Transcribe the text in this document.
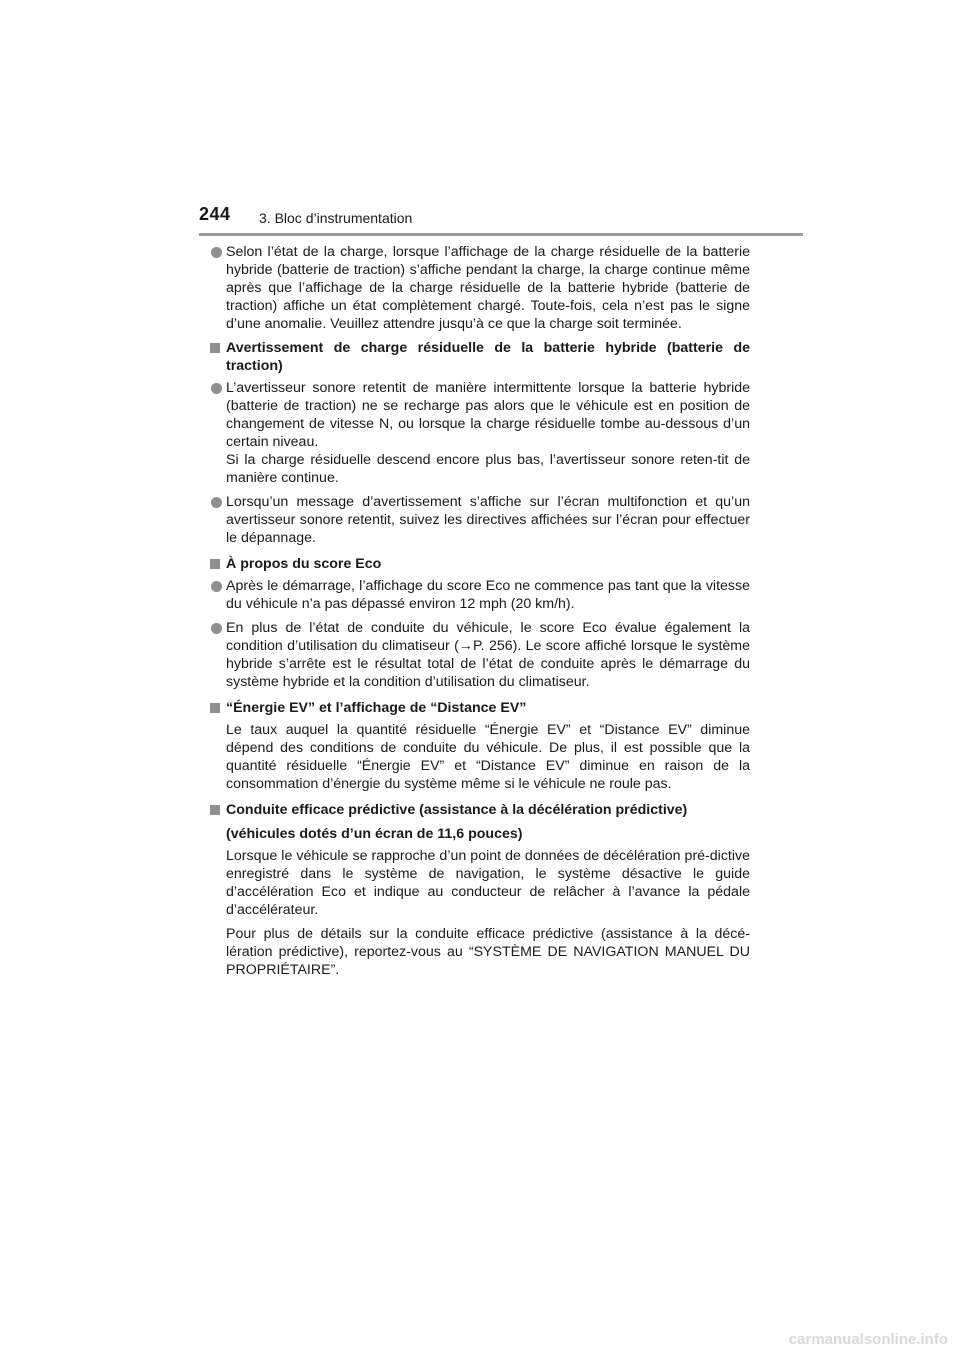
244 3. Bloc d’instrumentation
Selon l’état de la charge, lorsque l’affichage de la charge résiduelle de la batterie hybride (batterie de traction) s’affiche pendant la charge, la charge continue même après que l’affichage de la charge résiduelle de la batterie hybride (batterie de traction) affiche un état complètement chargé. Toute-fois, cela n’est pas le signe d’une anomalie. Veuillez attendre jusqu’à ce que la charge soit terminée.
Avertissement de charge résiduelle de la batterie hybride (batterie de traction)
L’avertisseur sonore retentit de manière intermittente lorsque la batterie hybride (batterie de traction) ne se recharge pas alors que le véhicule est en position de changement de vitesse N, ou lorsque la charge résiduelle tombe au-dessous d’un certain niveau.
Si la charge résiduelle descend encore plus bas, l’avertisseur sonore reten-tit de manière continue.
Lorsqu’un message d’avertissement s’affiche sur l’écran multifonction et qu’un avertisseur sonore retentit, suivez les directives affichées sur l’écran pour effectuer le dépannage.
À propos du score Eco
Après le démarrage, l’affichage du score Eco ne commence pas tant que la vitesse du véhicule n’a pas dépassé environ 12 mph (20 km/h).
En plus de l’état de conduite du véhicule, le score Eco évalue également la condition d’utilisation du climatiseur (→P. 256). Le score affiché lorsque le système hybride s’arrête est le résultat total de l’état de conduite après le démarrage du système hybride et la condition d’utilisation du climatiseur.
“Énergie EV” et l’affichage de “Distance EV”
Le taux auquel la quantité résiduelle “Énergie EV” et “Distance EV” diminue dépend des conditions de conduite du véhicule. De plus, il est possible que la quantité résiduelle “Énergie EV” et “Distance EV” diminue en raison de la consommation d’énergie du système même si le véhicule ne roule pas.
Conduite efficace prédictive (assistance à la décélération prédictive)
(véhicules dotés d’un écran de 11,6 pouces)
Lorsque le véhicule se rapproche d’un point de données de décélération pré-dictive enregistré dans le système de navigation, le système désactive le guide d’accélération Eco et indique au conducteur de relâcher à l’avance la pédale d’accélérateur.
Pour plus de détails sur la conduite efficace prédictive (assistance à la décé-lération prédictive), reportez-vous au “SYSTÈME DE NAVIGATION MANUEL DU PROPRIÉTAIRE”.
carmanualsonline.info
